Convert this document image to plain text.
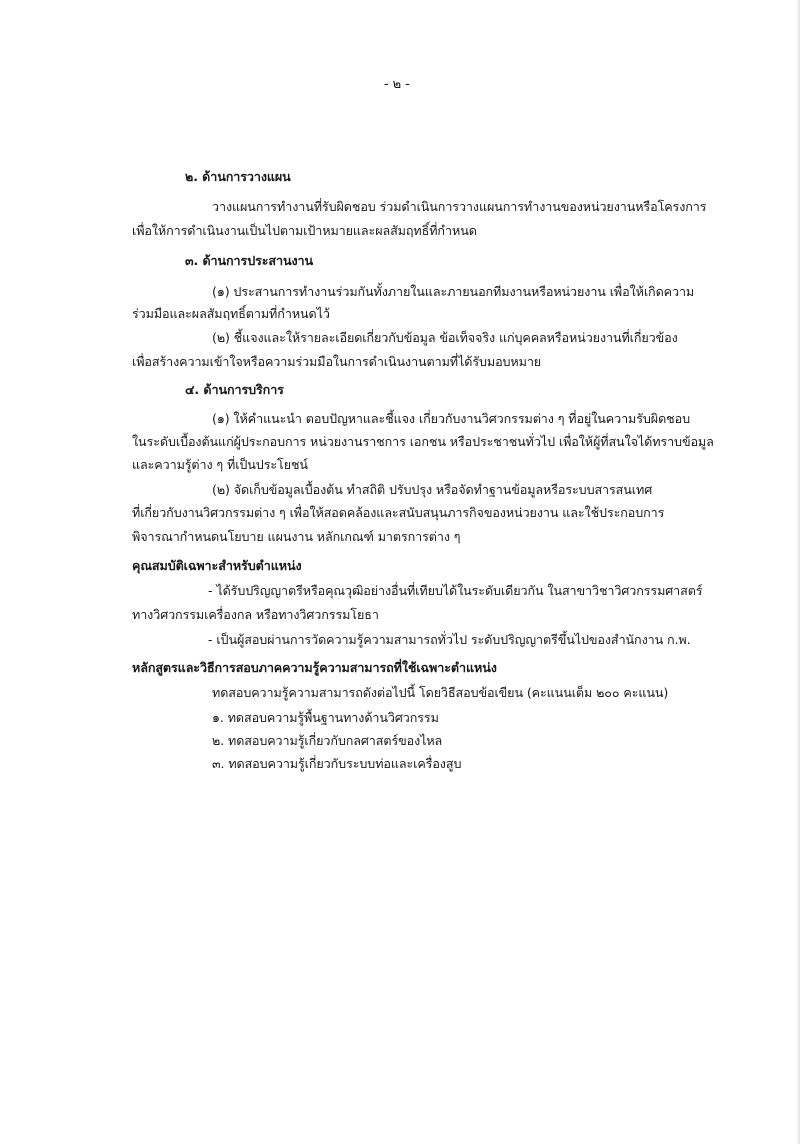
- ๒ -
๒. ด้านการวางแผน
วางแผนการทำงานที่รับผิดชอบ ร่วมดำเนินการวางแผนการทำงานของหน่วยงานหรือโครงการ
เพื่อให้การดำเนินงานเป็นไปตามเป้าหมายและผลสัมฤทธิ์ที่กำหนด
๓. ด้านการประสานงาน
(๑) ประสานการทำงานร่วมกันทั้งภายในและภายนอกทีมงานหรือหน่วยงาน เพื่อให้เกิดความ
ร่วมมือและผลสัมฤทธิ์ตามที่กำหนดไว้
(๒) ชี้แจงและให้รายละเอียดเกี่ยวกับข้อมูล ข้อเท็จจริง แก่บุคคลหรือหน่วยงานที่เกี่ยวข้อง
เพื่อสร้างความเข้าใจหรือความร่วมมือในการดำเนินงานตามที่ได้รับมอบหมาย
๔. ด้านการบริการ
(๑) ให้คำแนะนำ ตอบปัญหาและชี้แจง เกี่ยวกับงานวิศวกรรมต่าง ๆ ที่อยู่ในความรับผิดชอบ
ในระดับเบื้องต้นแก่ผู้ประกอบการ หน่วยงานราชการ เอกชน หรือประชาชนทั่วไป เพื่อให้ผู้ที่สนใจได้ทราบข้อมูล
และความรู้ต่าง ๆ ที่เป็นประโยชน์
(๒) จัดเก็บข้อมูลเบื้องต้น ทำสถิติ ปรับปรุง หรือจัดทำฐานข้อมูลหรือระบบสารสนเทศ
ที่เกี่ยวกับงานวิศวกรรมต่าง ๆ เพื่อให้สอดคล้องและสนับสนุนภารกิจของหน่วยงาน และใช้ประกอบการ
พิจารณากำหนดนโยบาย แผนงาน หลักเกณฑ์ มาตรการต่าง ๆ
คุณสมบัติเฉพาะสำหรับตำแหน่ง
- ได้รับปริญญาตรีหรือคุณวุฒิอย่างอื่นที่เทียบได้ในระดับเดียวกัน ในสาขาวิชาวิศวกรรมศาสตร์
ทางวิศวกรรมเครื่องกล หรือทางวิศวกรรมโยธา
- เป็นผู้สอบผ่านการวัดความรู้ความสามารถทั่วไป ระดับปริญญาตรีขึ้นไปของสำนักงาน ก.พ.
หลักสูตรและวิธีการสอบภาคความรู้ความสามารถที่ใช้เฉพาะตำแหน่ง
ทดสอบความรู้ความสามารถดังต่อไปนี้ โดยวิธีสอบข้อเขียน (คะแนนเต็ม ๒๐๐ คะแนน)
๑. ทดสอบความรู้พื้นฐานทางด้านวิศวกรรม
๒. ทดสอบความรู้เกี่ยวกับกลศาสตร์ของไหล
๓. ทดสอบความรู้เกี่ยวกับระบบท่อและเครื่องสูบ
